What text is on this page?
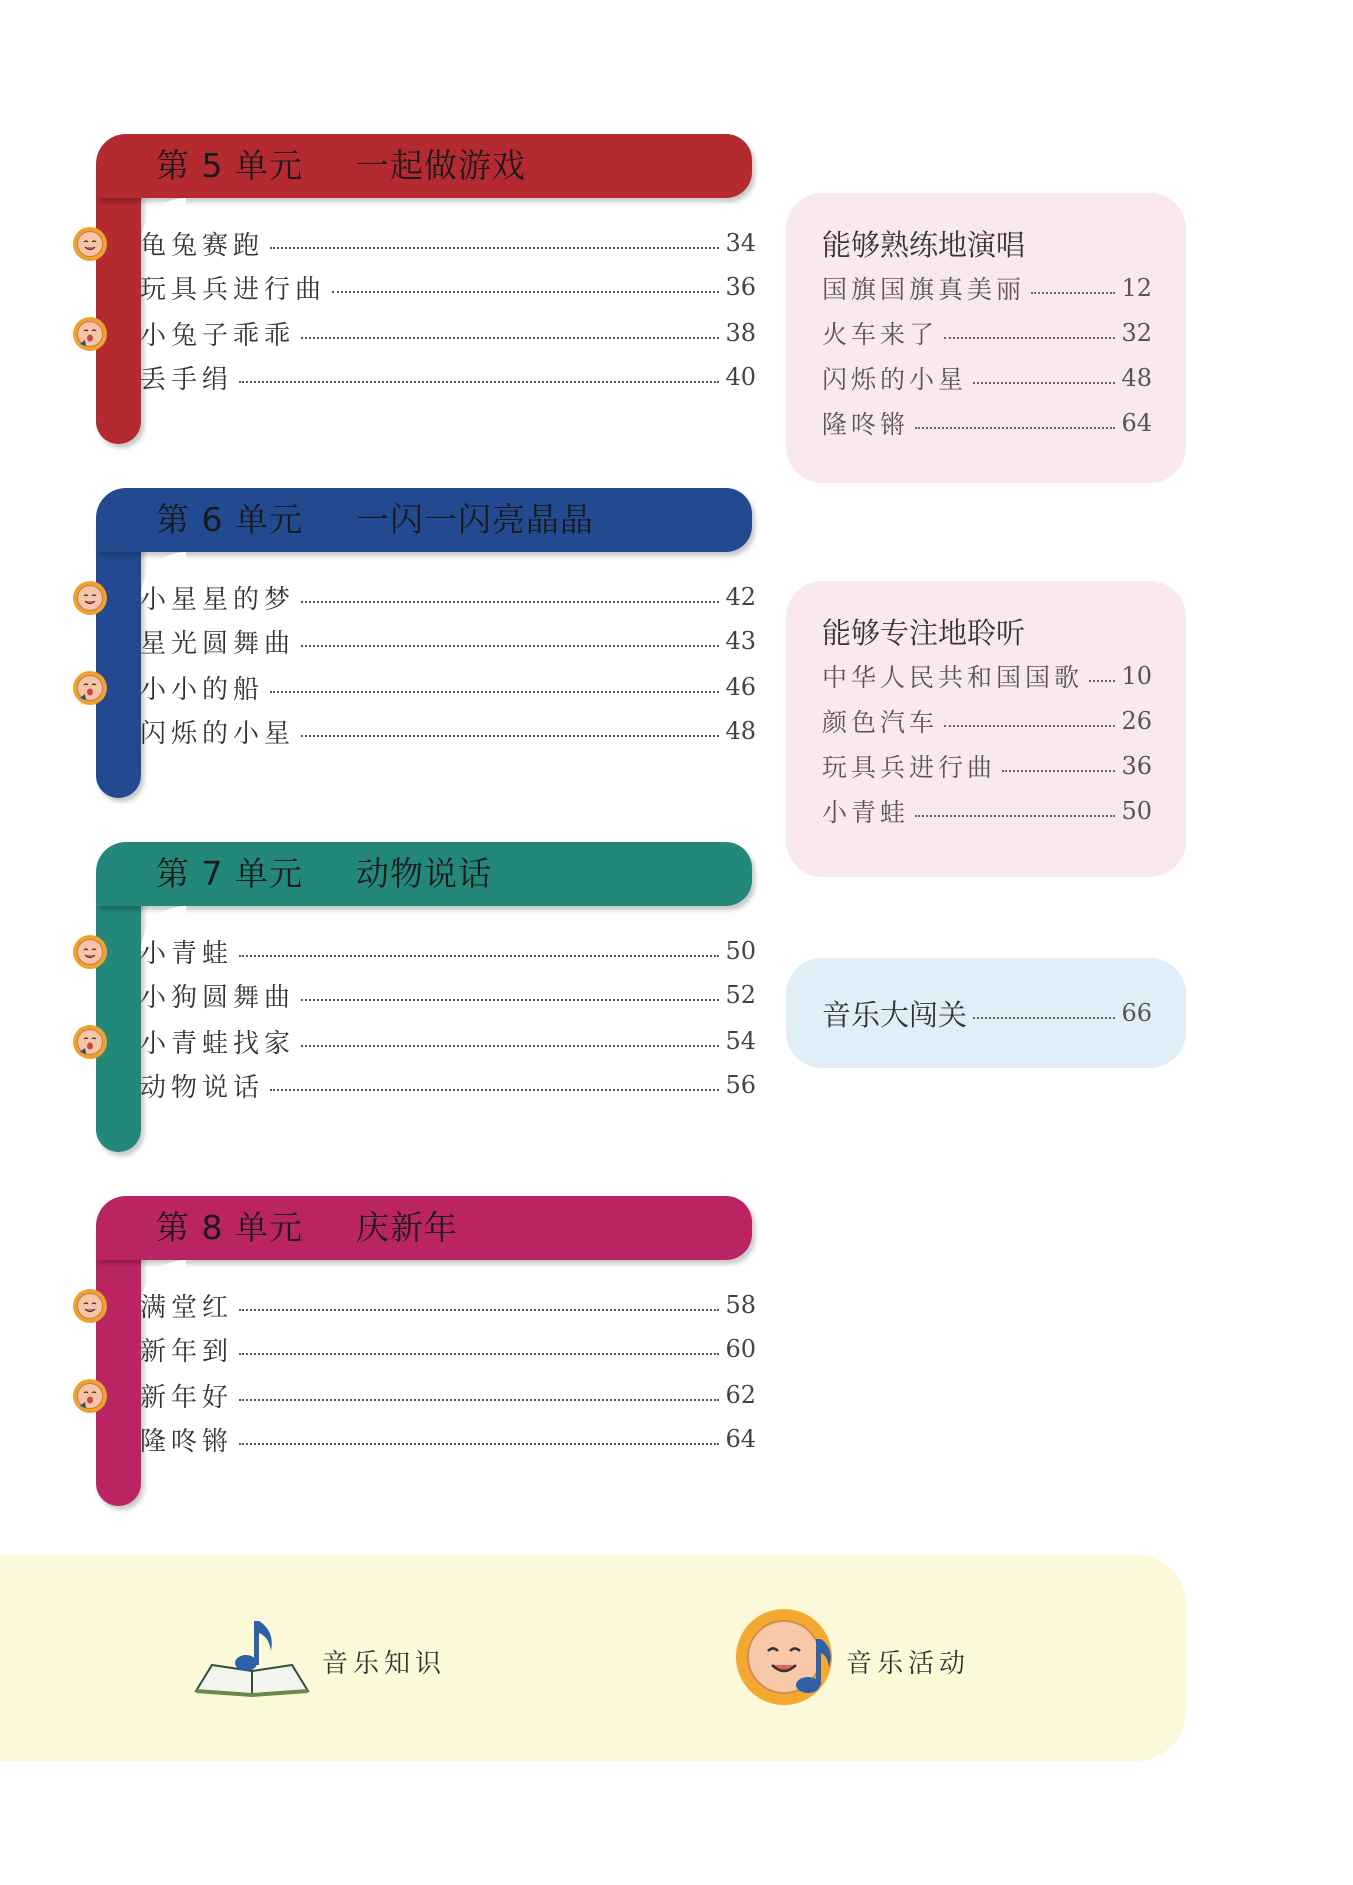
第 5 单元 一起做游戏
龟兔赛跑	34
玩具兵进行曲	36
小兔子乖乖	38
丢手绢	40
第 6 单元 一闪一闪亮晶晶
小星星的梦	42
星光圆舞曲	43
小小的船	46
闪烁的小星	48
第 7 单元 动物说话
小青蛙	50
小狗圆舞曲	52
小青蛙找家	54
动物说话	56
第 8 单元 庆新年
满堂红	58
新年到	60
新年好	62
隆咚锵	64
能够熟练地演唱
国旗国旗真美丽	12
火车来了	32
闪烁的小星	48
隆咚锵	64
能够专注地聆听
中华人民共和国国歌 10
颜色汽车	26
玩具兵进行曲	36
小青蛙	50
音乐大闯关	66
音乐知识	音乐活动
